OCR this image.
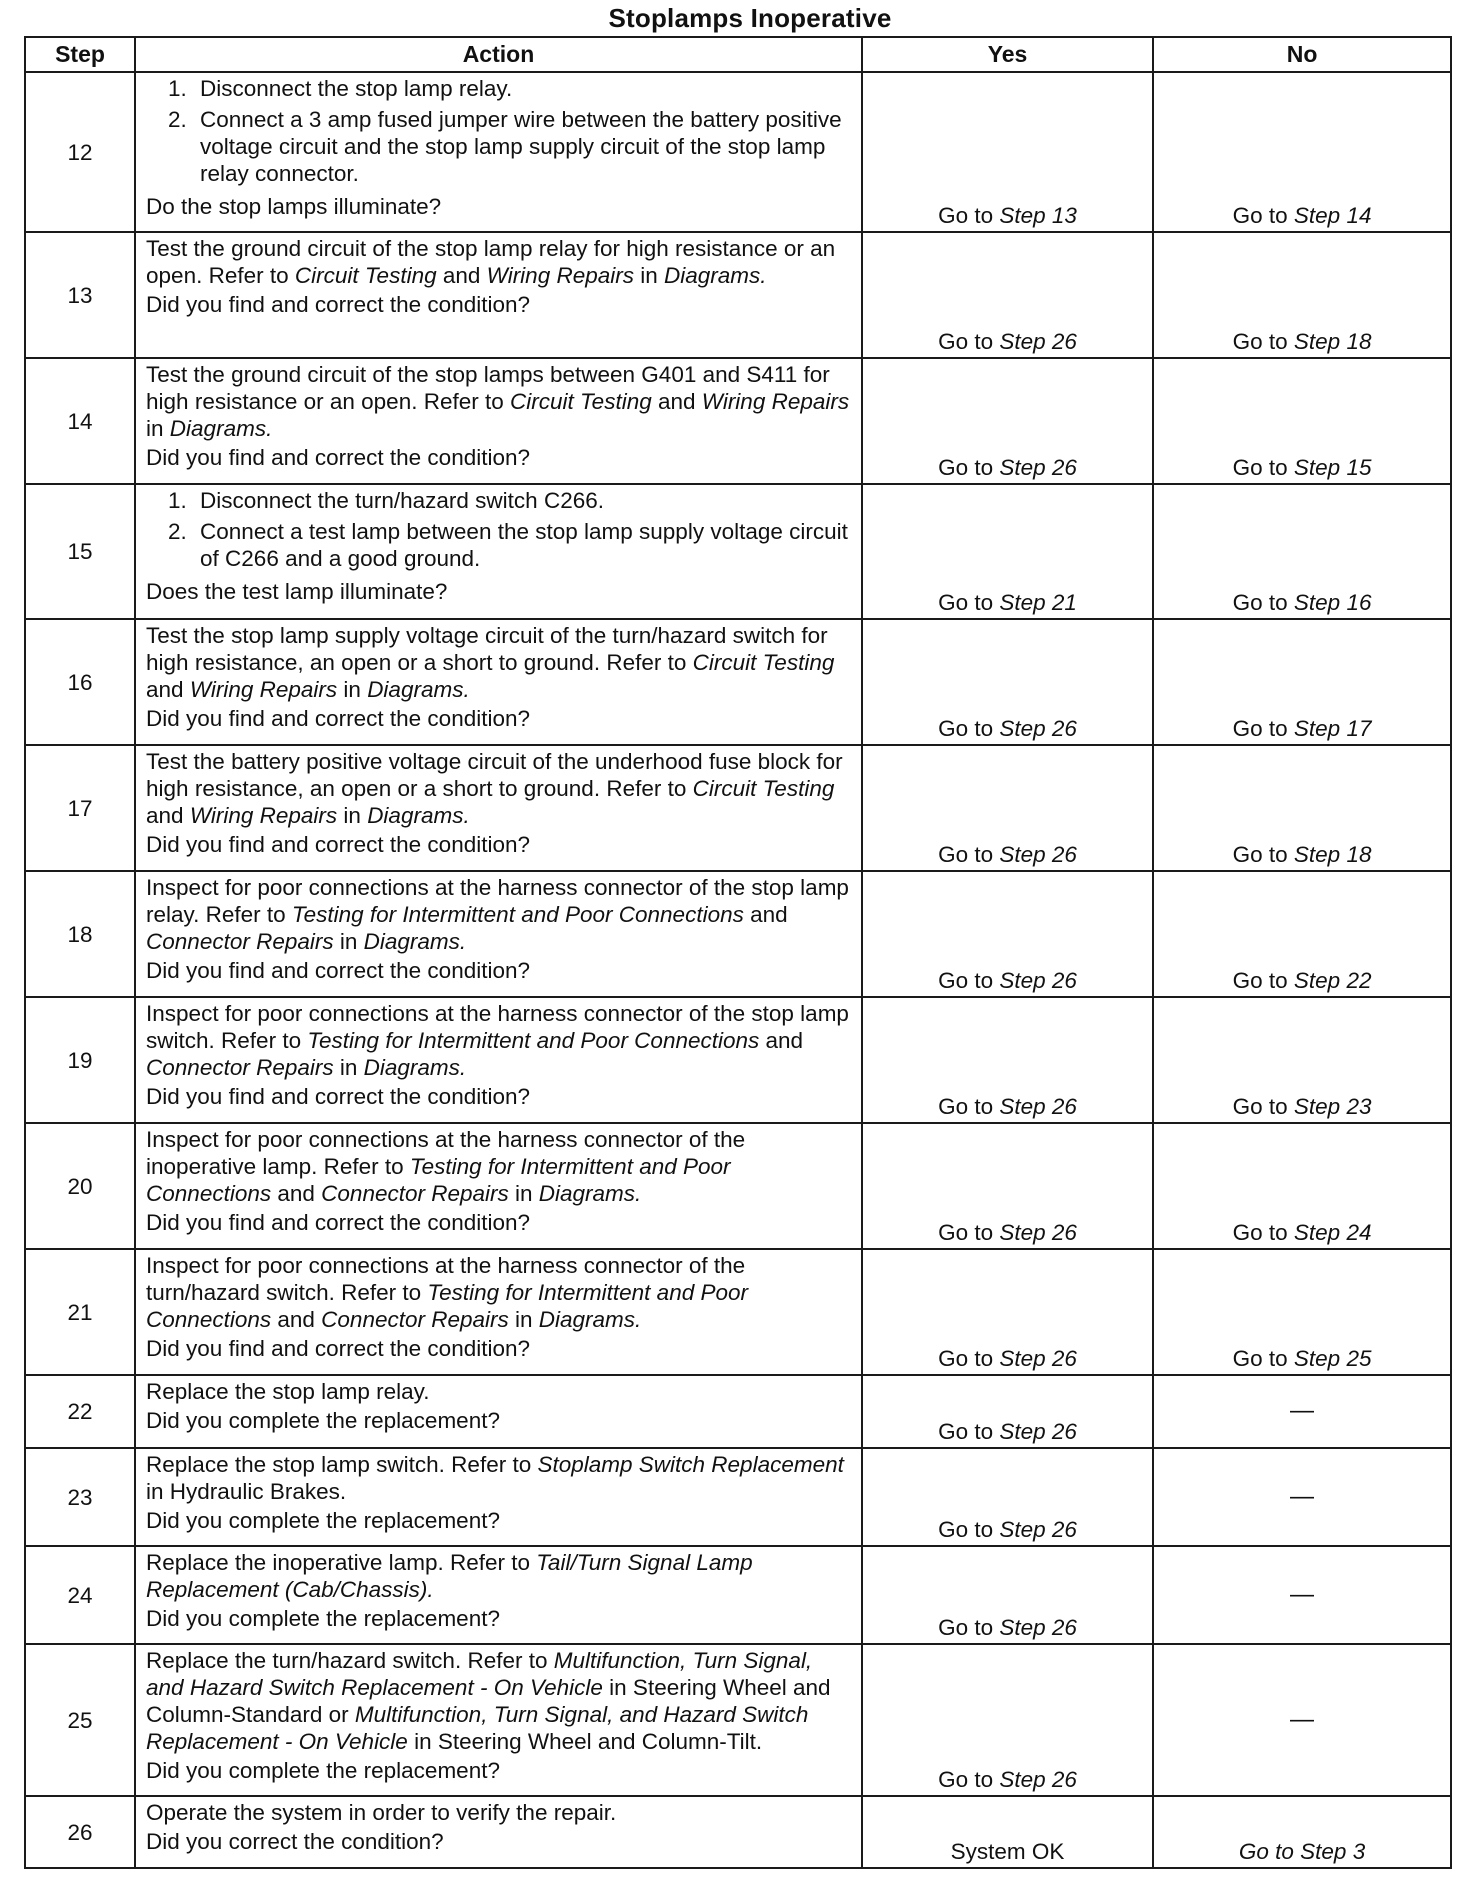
Stoplamps Inoperative
Step	Action	Yes	No
12	1. Disconnect the stop lamp relay.
2. Connect a 3 amp fused jumper wire between the battery positive voltage circuit and the stop lamp supply circuit of the stop lamp relay connector.
Do the stop lamps illuminate?	Go to Step 13	Go to Step 14
13	Test the ground circuit of the stop lamp relay for high resistance or an open. Refer to Circuit Testing and Wiring Repairs in Diagrams.
Did you find and correct the condition?	Go to Step 26	Go to Step 18
14	Test the ground circuit of the stop lamps between G401 and S411 for high resistance or an open. Refer to Circuit Testing and Wiring Repairs in Diagrams.
Did you find and correct the condition?	Go to Step 26	Go to Step 15
15	1. Disconnect the turn/hazard switch C266.
2. Connect a test lamp between the stop lamp supply voltage circuit of C266 and a good ground.
Does the test lamp illuminate?	Go to Step 21	Go to Step 16
16	Test the stop lamp supply voltage circuit of the turn/hazard switch for high resistance, an open or a short to ground. Refer to Circuit Testing and Wiring Repairs in Diagrams.
Did you find and correct the condition?	Go to Step 26	Go to Step 17
17	Test the battery positive voltage circuit of the underhood fuse block for high resistance, an open or a short to ground. Refer to Circuit Testing and Wiring Repairs in Diagrams.
Did you find and correct the condition?	Go to Step 26	Go to Step 18
18	Inspect for poor connections at the harness connector of the stop lamp relay. Refer to Testing for Intermittent and Poor Connections and Connector Repairs in Diagrams.
Did you find and correct the condition?	Go to Step 26	Go to Step 22
19	Inspect for poor connections at the harness connector of the stop lamp switch. Refer to Testing for Intermittent and Poor Connections and Connector Repairs in Diagrams.
Did you find and correct the condition?	Go to Step 26	Go to Step 23
20	Inspect for poor connections at the harness connector of the inoperative lamp. Refer to Testing for Intermittent and Poor Connections and Connector Repairs in Diagrams.
Did you find and correct the condition?	Go to Step 26	Go to Step 24
21	Inspect for poor connections at the harness connector of the turn/hazard switch. Refer to Testing for Intermittent and Poor Connections and Connector Repairs in Diagrams.
Did you find and correct the condition?	Go to Step 26	Go to Step 25
22	Replace the stop lamp relay.
Did you complete the replacement?	Go to Step 26	—
23	Replace the stop lamp switch. Refer to Stoplamp Switch Replacement in Hydraulic Brakes.
Did you complete the replacement?	Go to Step 26	—
24	Replace the inoperative lamp. Refer to Tail/Turn Signal Lamp Replacement (Cab/Chassis).
Did you complete the replacement?	Go to Step 26	—
25	Replace the turn/hazard switch. Refer to Multifunction, Turn Signal, and Hazard Switch Replacement - On Vehicle in Steering Wheel and Column-Standard or Multifunction, Turn Signal, and Hazard Switch Replacement - On Vehicle in Steering Wheel and Column-Tilt.
Did you complete the replacement?	Go to Step 26	—
26	Operate the system in order to verify the repair.
Did you correct the condition?	System OK	Go to Step 3
